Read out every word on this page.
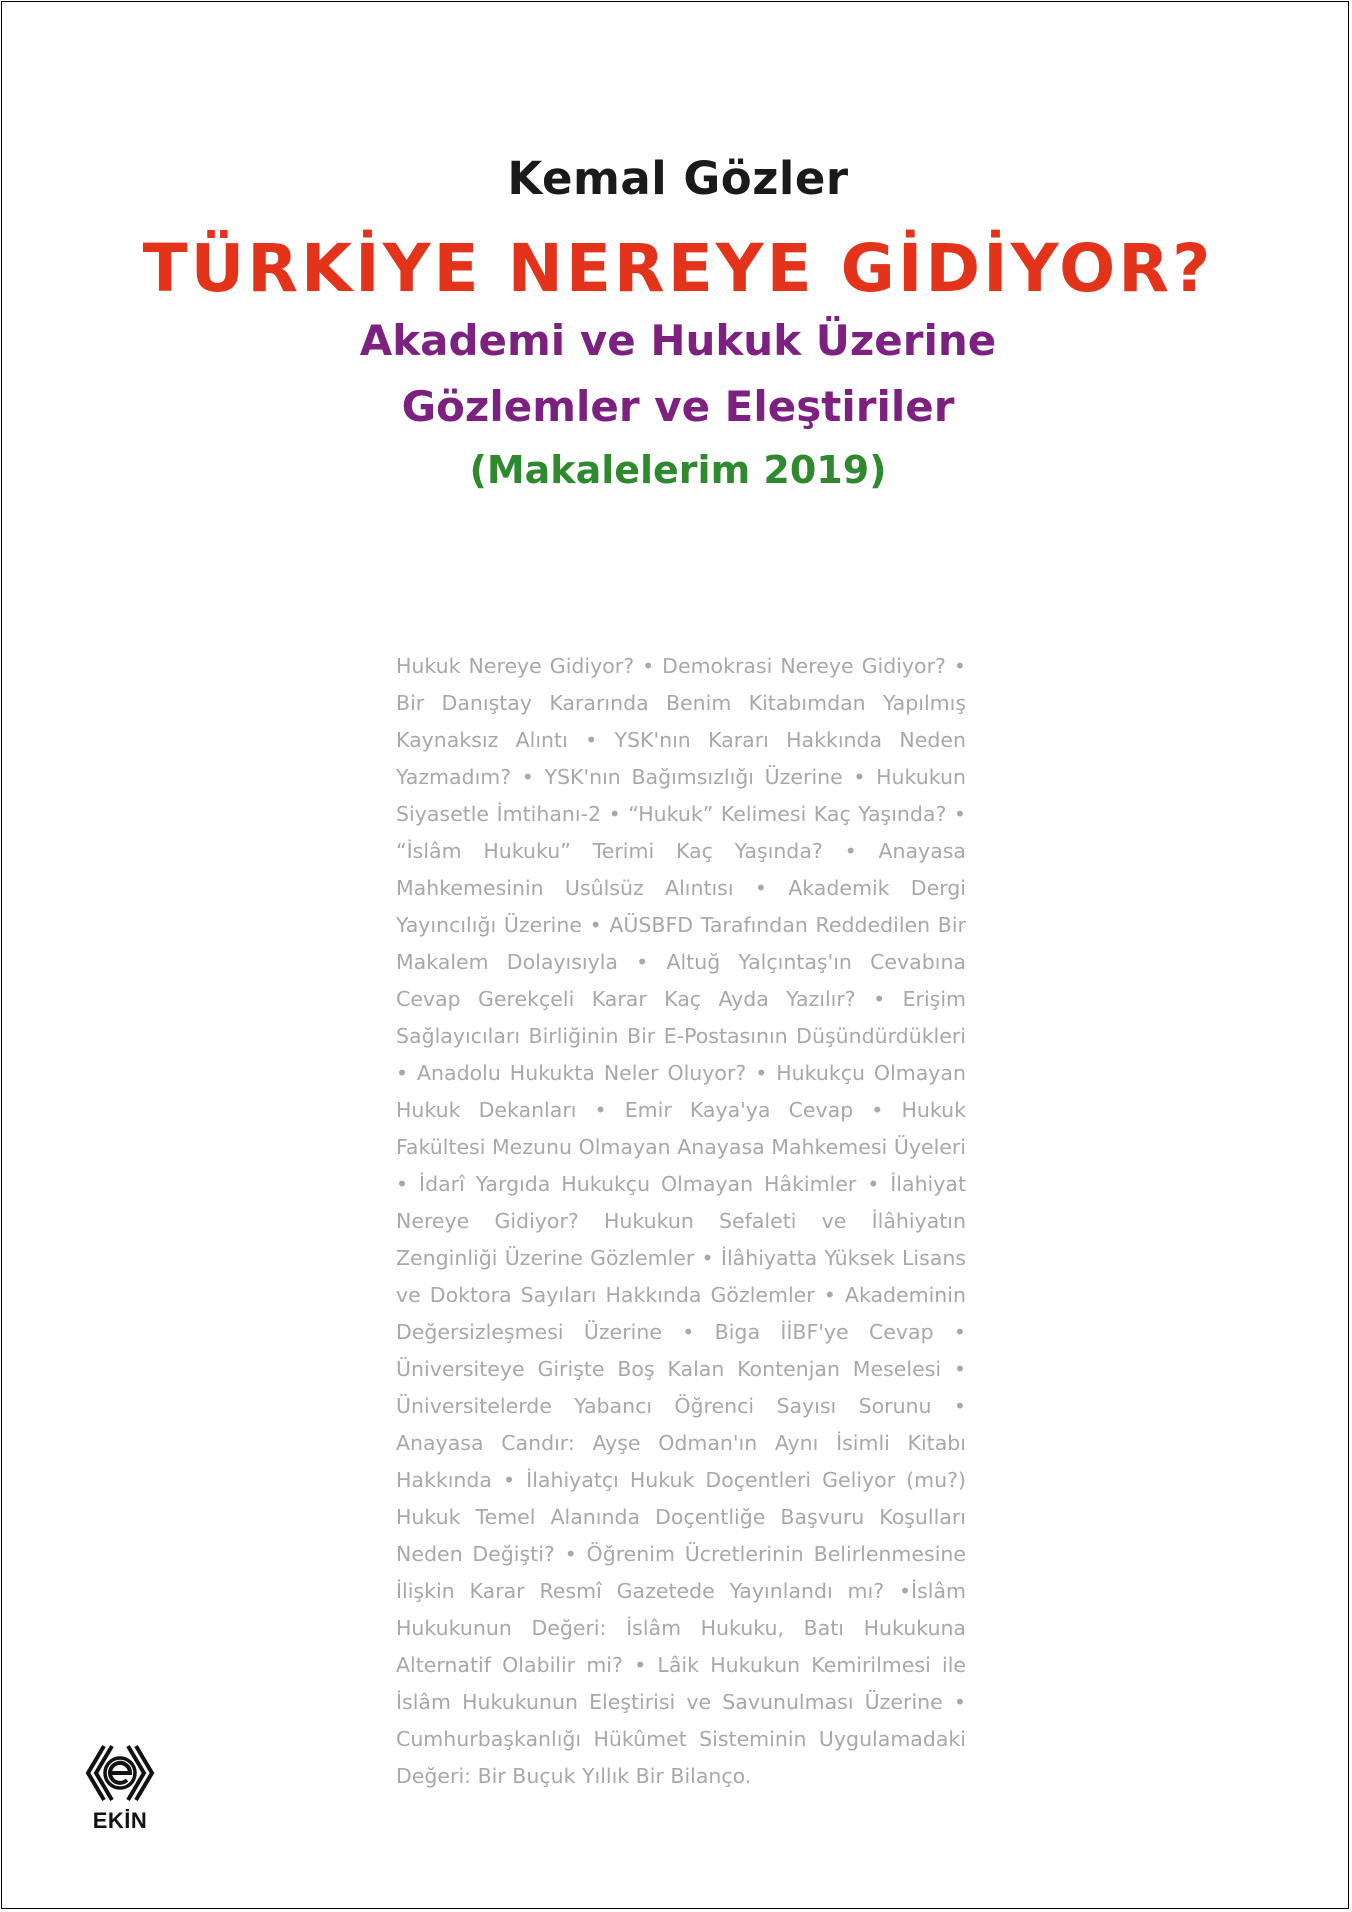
Kemal Gözler
TÜRKİYE NEREYE GİDİYOR?
Akademi ve Hukuk Üzerine
Gözlemler ve Eleştiriler
(Makalelerim 2019)
Hukuk Nereye Gidiyor? • Demokrasi Nereye Gidiyor? • Bir Danıştay Kararında Benim Kitabımdan Yapılmış Kaynaksız Alıntı • YSK'nın Kararı Hakkında Neden Yazmadım? • YSK'nın Bağımsızlığı Üzerine • Hukukun Siyasetle İmtihanı-2 • “Hukuk” Kelimesi Kaç Yaşında? • “İslâm Hukuku” Terimi Kaç Yaşında? • Anayasa Mahkemesinin Usûlsüz Alıntısı • Akademik Dergi Yayıncılığı Üzerine • AÜSBFD Tarafından Reddedilen Bir Makalem Dolayısıyla • Altuğ Yalçıntaş'ın Cevabına Cevap Gerekçeli Karar Kaç Ayda Yazılır? • Erişim Sağlayıcıları Birliğinin Bir E-Postasının Düşündürdükleri • Anadolu Hukukta Neler Oluyor? • Hukukçu Olmayan Hukuk Dekanları • Emir Kaya'ya Cevap • Hukuk Fakültesi Mezunu Olmayan Anayasa Mahkemesi Üyeleri • İdarî Yargıda Hukukçu Olmayan Hâkimler • İlahiyat Nereye Gidiyor? Hukukun Sefaleti ve İlâhiyatın Zenginliği Üzerine Gözlemler • İlâhiyatta Yüksek Lisans ve Doktora Sayıları Hakkında Gözlemler • Akademinin Değersizleşmesi Üzerine • Biga İİBF'ye Cevap • Üniversiteye Girişte Boş Kalan Kontenjan Meselesi • Üniversitelerde Yabancı Öğrenci Sayısı Sorunu • Anayasa Candır: Ayşe Odman'ın Aynı İsimli Kitabı Hakkında • İlahiyatçı Hukuk Doçentleri Geliyor (mu?) Hukuk Temel Alanında Doçentliğe Başvuru Koşulları Neden Değişti? • Öğrenim Ücretlerinin Belirlenmesine İlişkin Karar Resmî Gazetede Yayınlandı mı? •İslâm Hukukunun Değeri: İslâm Hukuku, Batı Hukukuna Alternatif Olabilir mi? • Lâik Hukukun Kemirilmesi ile İslâm Hukukunun Eleştirisi ve Savunulması Üzerine • Cumhurbaşkanlığı Hükûmet Sisteminin Uygulamadaki Değeri: Bir Buçuk Yıllık Bir Bilanço.
EKİN
